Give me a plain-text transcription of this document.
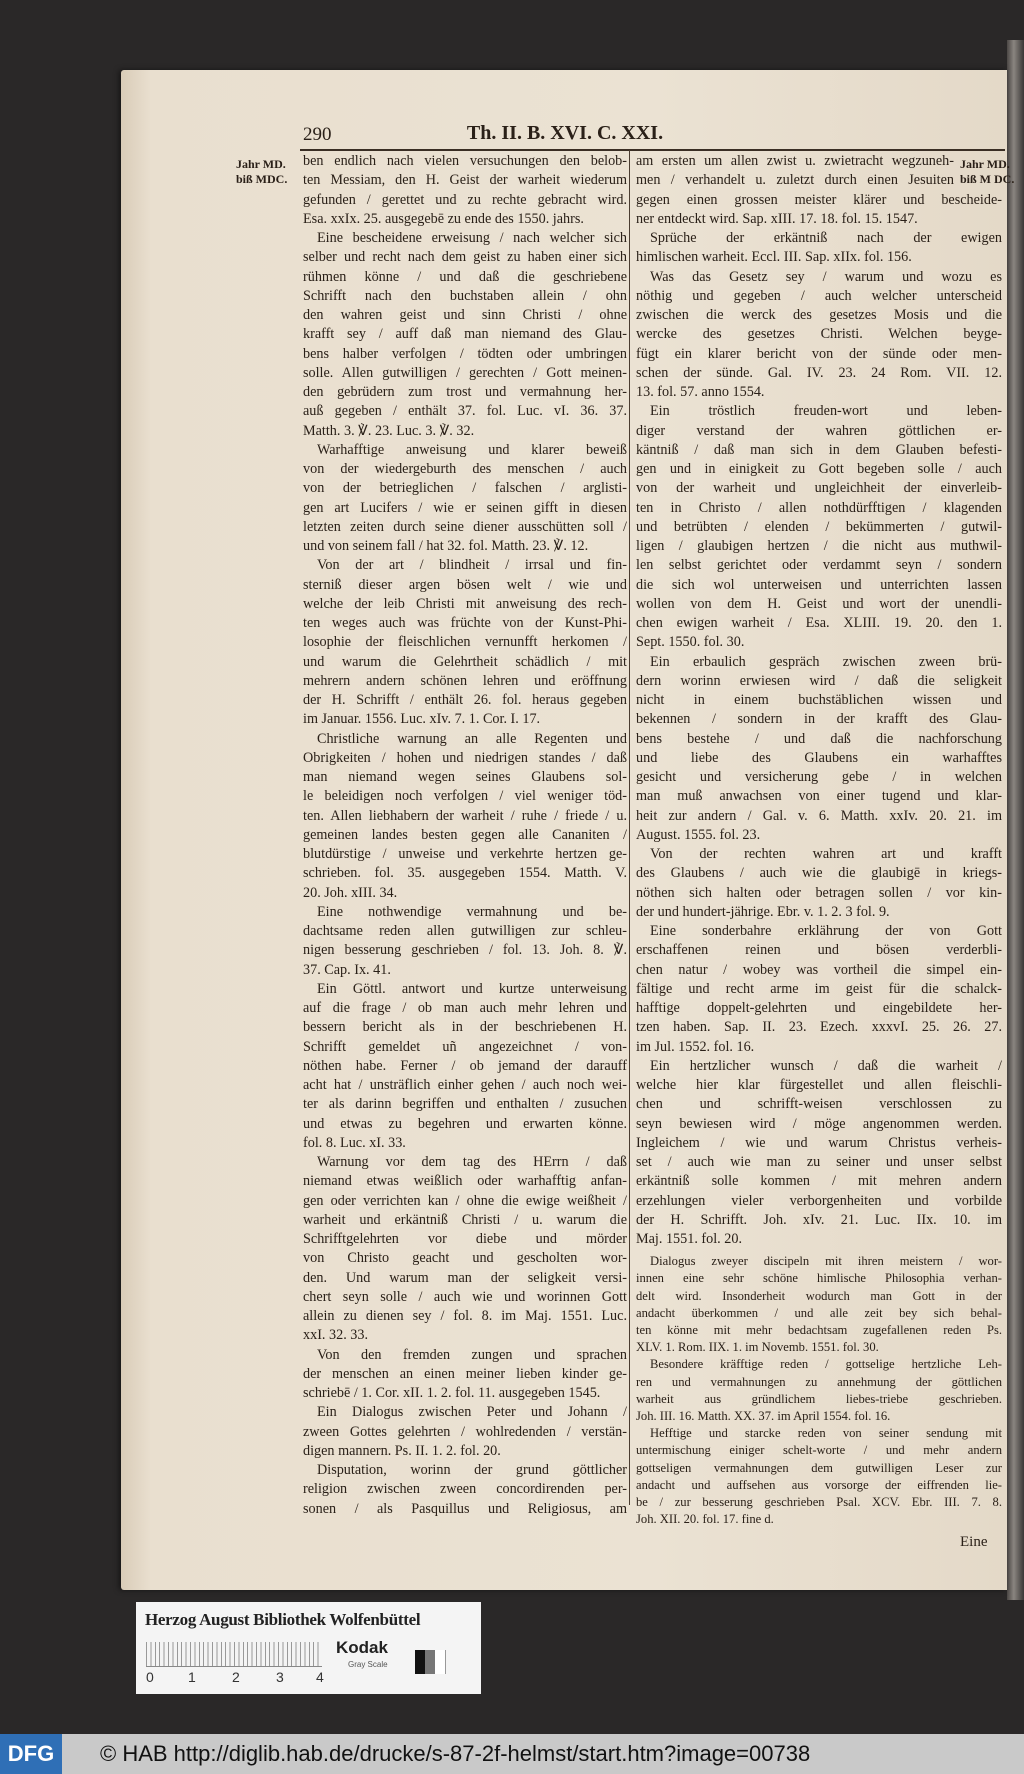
290	Th. II. B. XVI. C. XXI.
Jahr MD.
biß MDC.
ben endlich nach vielen versuchungen den belob-
ten Messiam, den H. Geist der warheit wiederum
gefunden / gerettet und zu rechte gebracht wird.
Esa. xxIx. 25. ausgegebē zu ende des 1550. jahrs.
Eine bescheidene erweisung / nach welcher sich
selber und recht nach dem geist zu haben einer sich
rühmen könne / und daß die geschriebene
Schrifft nach den buchstaben allein / ohn
den wahren geist und sinn Christi / ohne
krafft sey / auff daß man niemand des Glau-
bens halber verfolgen / tödten oder umbringen
solle. Allen gutwilligen / gerechten / Gott meinen-
den gebrüdern zum trost und vermahnung her-
auß gegeben / enthält 37. fol. Luc. vI. 36. 37.
Matth. 3. ℣. 23. Luc. 3. ℣. 32.
Warhafftige anweisung und klarer beweiß
von der wiedergeburth des menschen / auch
von der betrieglichen / falschen / arglisti-
gen art Lucifers / wie er seinen gifft in diesen
letzten zeiten durch seine diener ausschütten soll /
und von seinem fall / hat 32. fol. Matth. 23. ℣. 12.
Von der art / blindheit / irrsal und fin-
sterniß dieser argen bösen welt / wie und
welche der leib Christi mit anweisung des rech-
ten weges auch was früchte von der Kunst-Phi-
losophie der fleischlichen vernunfft herkomen /
und warum die Gelehrtheit schädlich / mit
mehrern andern schönen lehren und eröffnung
der H. Schrifft / enthält 26. fol. heraus gegeben
im Januar. 1556. Luc. xIv. 7. 1. Cor. I. 17.
Christliche warnung an alle Regenten und
Obrigkeiten / hohen und niedrigen standes / daß
man niemand wegen seines Glaubens sol-
le beleidigen noch verfolgen / viel weniger töd-
ten. Allen liebhabern der warheit / ruhe / friede / u.
gemeinen landes besten gegen alle Cananiten /
blutdürstige / unweise und verkehrte hertzen ge-
schrieben. fol. 35. ausgegeben 1554. Matth. V.
20. Joh. xIII. 34.
Eine nothwendige vermahnung und be-
dachtsame reden allen gutwilligen zur schleu-
nigen besserung geschrieben / fol. 13. Joh. 8. ℣.
37. Cap. Ix. 41.
Ein Göttl. antwort und kurtze unterweisung
auf die frage / ob man auch mehr lehren und
bessern bericht als in der beschriebenen H.
Schrifft gemeldet uñ angezeichnet / von-
nöthen habe. Ferner / ob jemand der darauff
acht hat / unsträflich einher gehen / auch noch wei-
ter als darinn begriffen und enthalten / zusuchen
und etwas zu begehren und erwarten könne.
fol. 8. Luc. xI. 33.
Warnung vor dem tag des HErrn / daß
niemand etwas weißlich oder warhafftig anfan-
gen oder verrichten kan / ohne die ewige weißheit /
warheit und erkäntniß Christi / u. warum die
Schrifftgelehrten vor diebe und mörder
von Christo geacht und gescholten wor-
den. Und warum man der seligkeit versi-
chert seyn solle / auch wie und worinnen Gott
allein zu dienen sey / fol. 8. im Maj. 1551. Luc.
xxI. 32. 33.
Von den fremden zungen und sprachen
der menschen an einen meiner lieben kinder ge-
schriebē / 1. Cor. xII. 1. 2. fol. 11. ausgegeben 1545.
Ein Dialogus zwischen Peter und Johann /
zween Gottes gelehrten / wohlredenden / verstän-
digen mannern. Ps. II. 1. 2. fol. 20.
Disputation, worinn der grund göttlicher
religion zwischen zween concordirenden per-
sonen / als Pasquillus und Religiosus, am
am ersten um allen zwist u. zwietracht wegzuneh-
men / verhandelt u. zuletzt durch einen Jesuiten
gegen einen grossen meister klärer und bescheide-
ner entdeckt wird. Sap. xIII. 17. 18. fol. 15. 1547.
Sprüche der erkäntniß nach der ewigen
himlischen warheit. Eccl. III. Sap. xIIx. fol. 156.
Was das Gesetz sey / warum und wozu es
nöthig und gegeben / auch welcher unterscheid
zwischen die werck des gesetzes Mosis und die
wercke des gesetzes Christi. Welchen beyge-
fügt ein klarer bericht von der sünde oder men-
schen der sünde. Gal. IV. 23. 24 Rom. VII. 12.
13. fol. 57. anno 1554.
Ein tröstlich freuden-wort und leben-
diger verstand der wahren göttlichen er-
käntniß / daß man sich in dem Glauben befesti-
gen und in einigkeit zu Gott begeben solle / auch
von der warheit und ungleichheit der einverleib-
ten in Christo / allen nothdürfftigen / klagenden
und betrübten / elenden / bekümmerten / gutwil-
ligen / glaubigen hertzen / die nicht aus muthwil-
len selbst gerichtet oder verdammt seyn / sondern
die sich wol unterweisen und unterrichten lassen
wollen von dem H. Geist und wort der unendli-
chen ewigen warheit / Esa. XLIII. 19. 20. den 1.
Sept. 1550. fol. 30.
Ein erbaulich gespräch zwischen zween brü-
dern worinn erwiesen wird / daß die seligkeit
nicht in einem buchstäblichen wissen und
bekennen / sondern in der krafft des Glau-
bens bestehe / und daß die nachforschung
und liebe des Glaubens ein warhafftes
gesicht und versicherung gebe / in welchen
man muß anwachsen von einer tugend und klar-
heit zur andern / Gal. v. 6. Matth. xxIv. 20. 21. im
August. 1555. fol. 23.
Von der rechten wahren art und krafft
des Glaubens / auch wie die glaubigē in kriegs-
nöthen sich halten oder betragen sollen / vor kin-
der und hundert-jährige. Ebr. v. 1. 2. 3 fol. 9.
Eine sonderbahre erklährung der von Gott
erschaffenen reinen und bösen verderbli-
chen natur / wobey was vortheil die simpel ein-
fältige und recht arme im geist für die schalck-
hafftige doppelt-gelehrten und eingebildete her-
tzen haben. Sap. II. 23. Ezech. xxxvI. 25. 26. 27.
im Jul. 1552. fol. 16.
Ein hertzlicher wunsch / daß die warheit /
welche hier klar fürgestellet und allen fleischli-
chen und schrifft-weisen verschlossen zu
seyn bewiesen wird / möge angenommen werden.
Ingleichem / wie und warum Christus verheis-
set / auch wie man zu seiner und unser selbst
erkäntniß solle kommen / mit mehren andern
erzehlungen vieler verborgenheiten und vorbilde
der H. Schrifft. Joh. xIv. 21. Luc. IIx. 10. im
Maj. 1551. fol. 20.
Dialogus zweyer discipeln mit ihren meistern / wor-
innen eine sehr schöne himlische Philosophia verhan-
delt wird. Insonderheit wodurch man Gott in der
andacht überkommen / und alle zeit bey sich behal-
ten könne mit mehr bedachtsam zugefallenen reden Ps.
XLV. 1. Rom. IIX. 1. im Novemb. 1551. fol. 30.
Besondere kräfftige reden / gottselige hertzliche Leh-
ren und vermahnungen zu annehmung der göttlichen
warheit aus gründlichem liebes-triebe geschrieben.
Joh. III. 16. Matth. XX. 37. im April 1554. fol. 16.
Hefftige und starcke reden von seiner sendung mit
untermischung einiger schelt-worte / und mehr andern
gottseligen vermahnungen dem gutwilligen Leser zur
andacht und auffsehen aus vorsorge der eiffrenden lie-
be / zur besserung geschrieben Psal. XCV. Ebr. III. 7. 8.
Joh. XII. 20. fol. 17. fine d.
Jahr MD.
biß M DC.
Eine
Herzog August Bibliothek Wolfenbüttel
0 1	2	3 4
Kodak
Gray Scale
DFG	© HAB http://diglib.hab.de/drucke/s-87-2f-helmst/start.htm?image=00738
